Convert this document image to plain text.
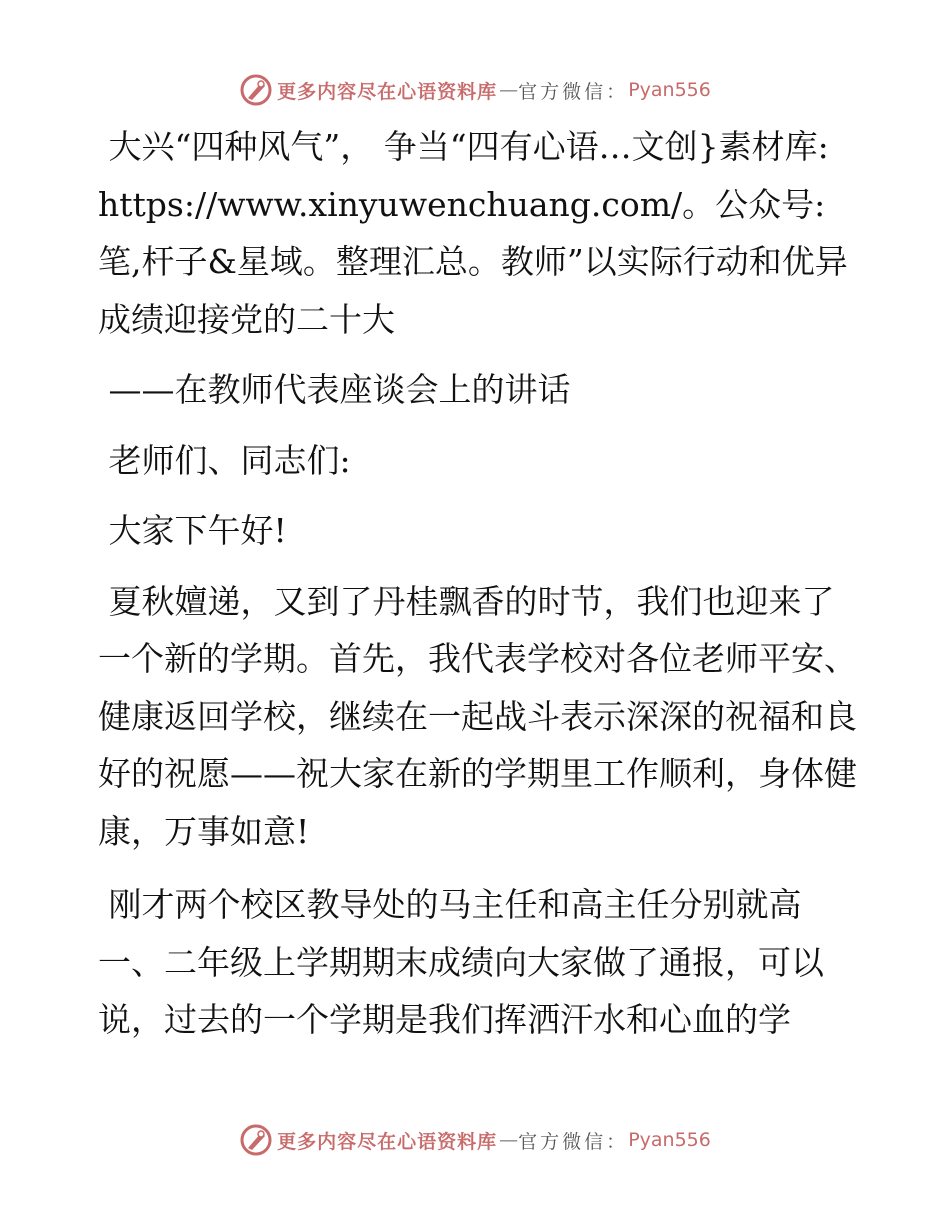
更多内容尽在心语资料库 — 官方微信： Pyan556

大兴“四种风气”， 争当“四有心语…文创}素材库: https://www.xinyuwenchuang.com/。公众号: 笔,杆子&星域。整理汇总。教师”以实际行动和优异成绩迎接党的二十大

——在教师代表座谈会上的讲话

老师们、同志们:

大家下午好!

夏秋嬗递，又到了丹桂飘香的时节，我们也迎来了一个新的学期。首先，我代表学校对各位老师平安、健康返回学校，继续在一起战斗表示深深的祝福和良好的祝愿——祝大家在新的学期里工作顺利，身体健康，万事如意!

刚才两个校区教导处的马主任和高主任分别就高一、二年级上学期期末成绩向大家做了通报，可以说，过去的一个学期是我们挥洒汗水和心血的学

更多内容尽在心语资料库 — 官方微信： Pyan556
